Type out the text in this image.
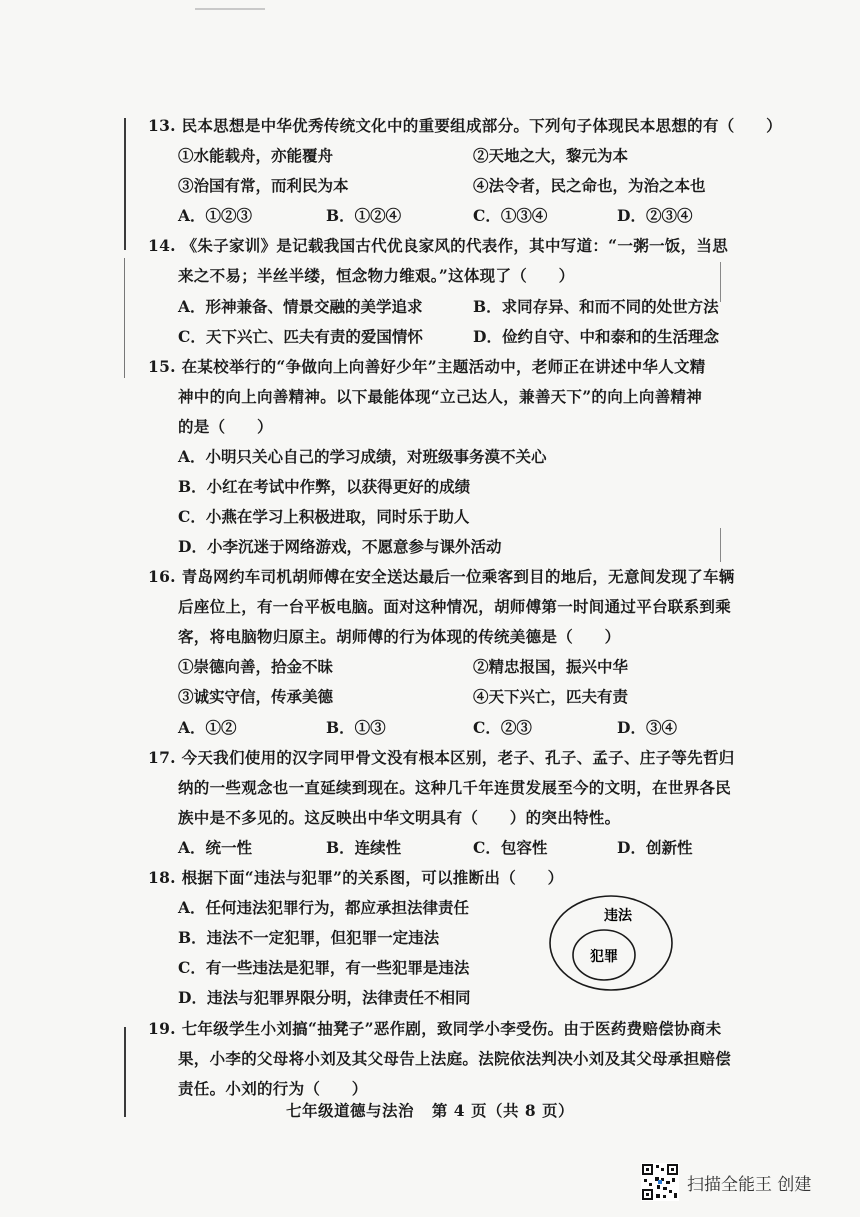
13. 民本思想是中华优秀传统文化中的重要组成部分。下列句子体现民本思想的有（　　）
①水能载舟，亦能覆舟	②天地之大，黎元为本
③治国有常，而利民为本	④法令者，民之命也，为治之本也
A．①②③	B．①②④	C．①③④	D．②③④
14. 《朱子家训》是记载我国古代优良家风的代表作，其中写道：“一粥一饭，当思
来之不易；半丝半缕，恒念物力维艰。”这体现了（　　）
A．形神兼备、情景交融的美学追求	B．求同存异、和而不同的处世方法
C．天下兴亡、匹夫有责的爱国情怀	D．俭约自守、中和泰和的生活理念
15. 在某校举行的“争做向上向善好少年”主题活动中，老师正在讲述中华人文精
神中的向上向善精神。以下最能体现“立己达人，兼善天下”的向上向善精神
的是（　　）
A．小明只关心自己的学习成绩，对班级事务漠不关心
B．小红在考试中作弊，以获得更好的成绩
C．小燕在学习上积极进取，同时乐于助人
D．小李沉迷于网络游戏，不愿意参与课外活动
16. 青岛网约车司机胡师傅在安全送达最后一位乘客到目的地后，无意间发现了车辆
后座位上，有一台平板电脑。面对这种情况，胡师傅第一时间通过平台联系到乘
客，将电脑物归原主。胡师傅的行为体现的传统美德是（　　）
①崇德向善，拾金不昧	②精忠报国，振兴中华
③诚实守信，传承美德	④天下兴亡，匹夫有责
A．①②	B．①③	C．②③	D．③④
17. 今天我们使用的汉字同甲骨文没有根本区别，老子、孔子、孟子、庄子等先哲归
纳的一些观念也一直延续到现在。这种几千年连贯发展至今的文明，在世界各民
族中是不多见的。这反映出中华文明具有（　　）的突出特性。
A．统一性	B．连续性	C．包容性	D．创新性
18. 根据下面“违法与犯罪”的关系图，可以推断出（　　）
A．任何违法犯罪行为，都应承担法律责任
B．违法不一定犯罪，但犯罪一定违法
C．有一些违法是犯罪，有一些犯罪是违法
D．违法与犯罪界限分明，法律责任不相同
违法
犯罪
19. 七年级学生小刘搞“抽凳子”恶作剧，致同学小李受伤。由于医药费赔偿协商未
果，小李的父母将小刘及其父母告上法庭。法院依法判决小刘及其父母承担赔偿
责任。小刘的行为（　　）
七年级道德与法治 第 4 页（共 8 页）
扫描全能王 创建
